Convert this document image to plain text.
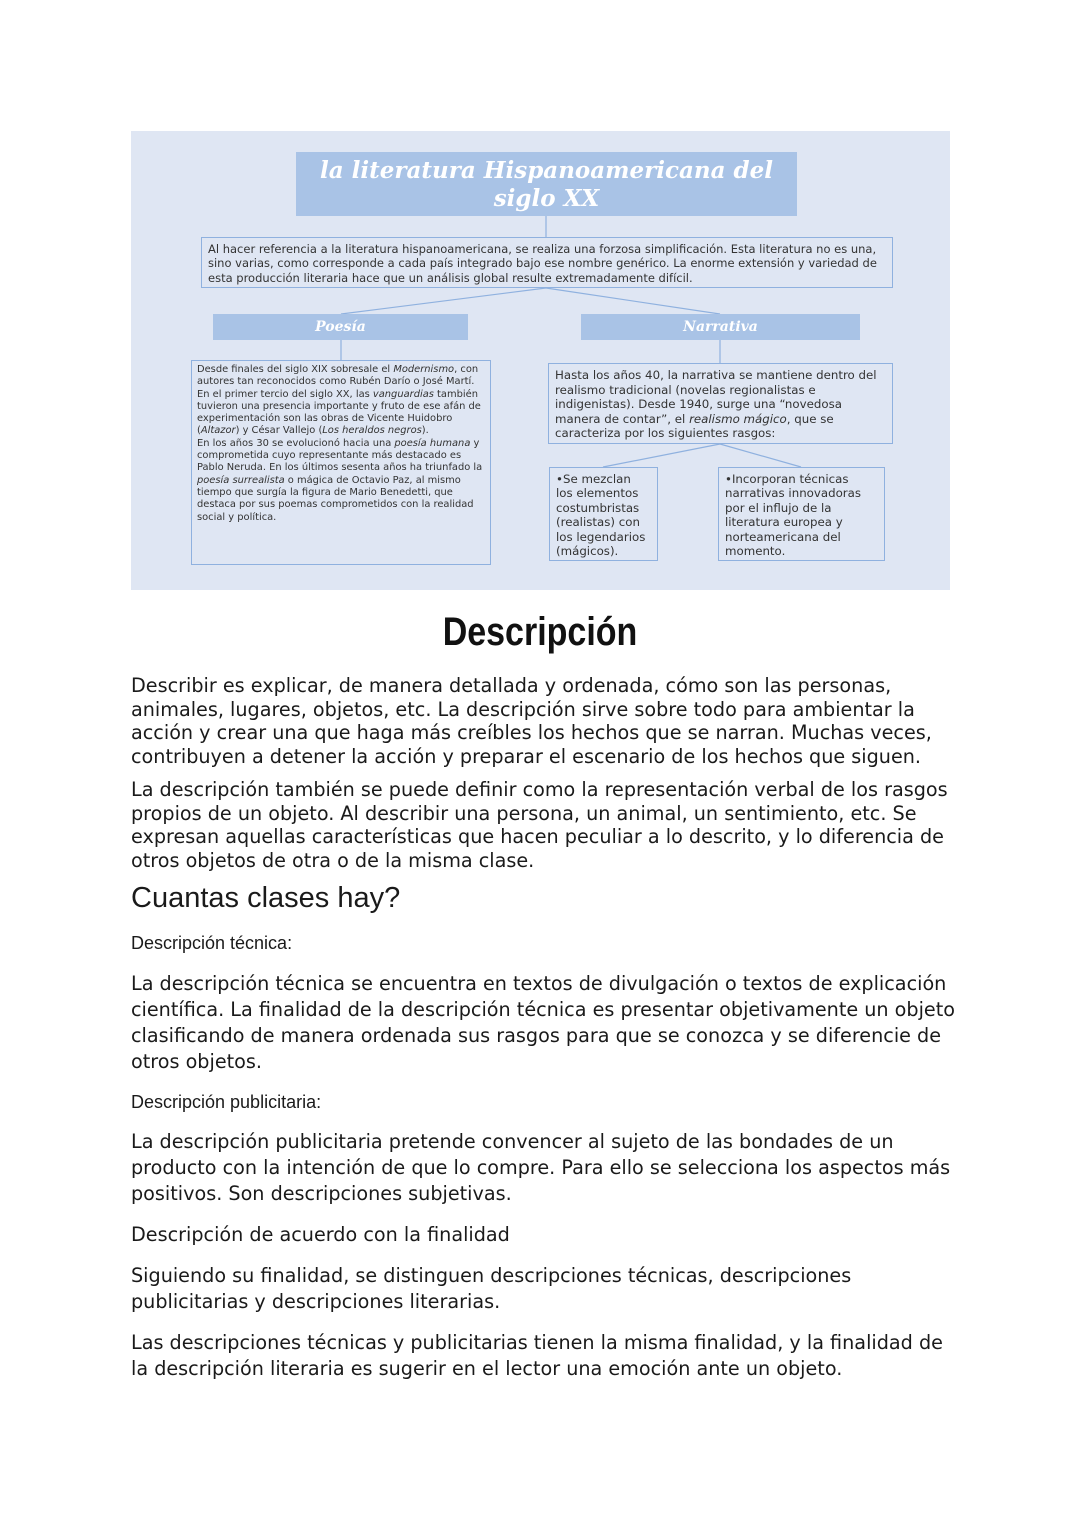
la literatura Hispanoamericana del siglo XX
Al hacer referencia a la literatura hispanoamericana, se realiza una forzosa simplificación. Esta literatura no es una, sino varias, como corresponde a cada país integrado bajo ese nombre genérico. La enorme extensión y variedad de esta producción literaria hace que un análisis global resulte extremadamente difícil.
Poesía	Narrativa
Desde finales del siglo XIX sobresale el Modernismo, con autores tan reconocidos como Rubén Darío o José Martí. En el primer tercio del siglo XX, las vanguardias también tuvieron una presencia importante y fruto de ese afán de experimentación son las obras de Vicente Huidobro (Altazor) y César Vallejo (Los heraldos negros).
En los años 30 se evolucionó hacia una poesía humana y comprometida cuyo representante más destacado es Pablo Neruda. En los últimos sesenta años ha triunfado la poesía surrealista o mágica de Octavio Paz, al mismo tiempo que surgía la figura de Mario Benedetti, que destaca por sus poemas comprometidos con la realidad social y política.
Hasta los años 40, la narrativa se mantiene dentro del realismo tradicional (novelas regionalistas e indigenistas). Desde 1940, surge una “novedosa manera de contar”, el realismo mágico, que se caracteriza por los siguientes rasgos:
•Se mezclan los elementos costumbristas (realistas) con los legendarios (mágicos).
•Incorporan técnicas narrativas innovadoras por el influjo de la literatura europea y norteamericana del momento.
Descripción

Describir es explicar, de manera detallada y ordenada, cómo son las personas, animales, lugares, objetos, etc. La descripción sirve sobre todo para ambientar la acción y crear una que haga más creíbles los hechos que se narran. Muchas veces, contribuyen a detener la acción y preparar el escenario de los hechos que siguen.

La descripción también se puede definir como la representación verbal de los rasgos propios de un objeto. Al describir una persona, un animal, un sentimiento, etc. Se expresan aquellas características que hacen peculiar a lo descrito, y lo diferencia de otros objetos de otra o de la misma clase.

Cuantas clases hay?

Descripción técnica:

La descripción técnica se encuentra en textos de divulgación o textos de explicación científica. La finalidad de la descripción técnica es presentar objetivamente un objeto clasificando de manera ordenada sus rasgos para que se conozca y se diferencie de otros objetos.

Descripción publicitaria:

La descripción publicitaria pretende convencer al sujeto de las bondades de un producto con la intención de que lo compre. Para ello se selecciona los aspectos más positivos. Son descripciones subjetivas.

Descripción de acuerdo con la finalidad

Siguiendo su finalidad, se distinguen descripciones técnicas, descripciones publicitarias y descripciones literarias.

Las descripciones técnicas y publicitarias tienen la misma finalidad, y la finalidad de la descripción literaria es sugerir en el lector una emoción ante un objeto.
